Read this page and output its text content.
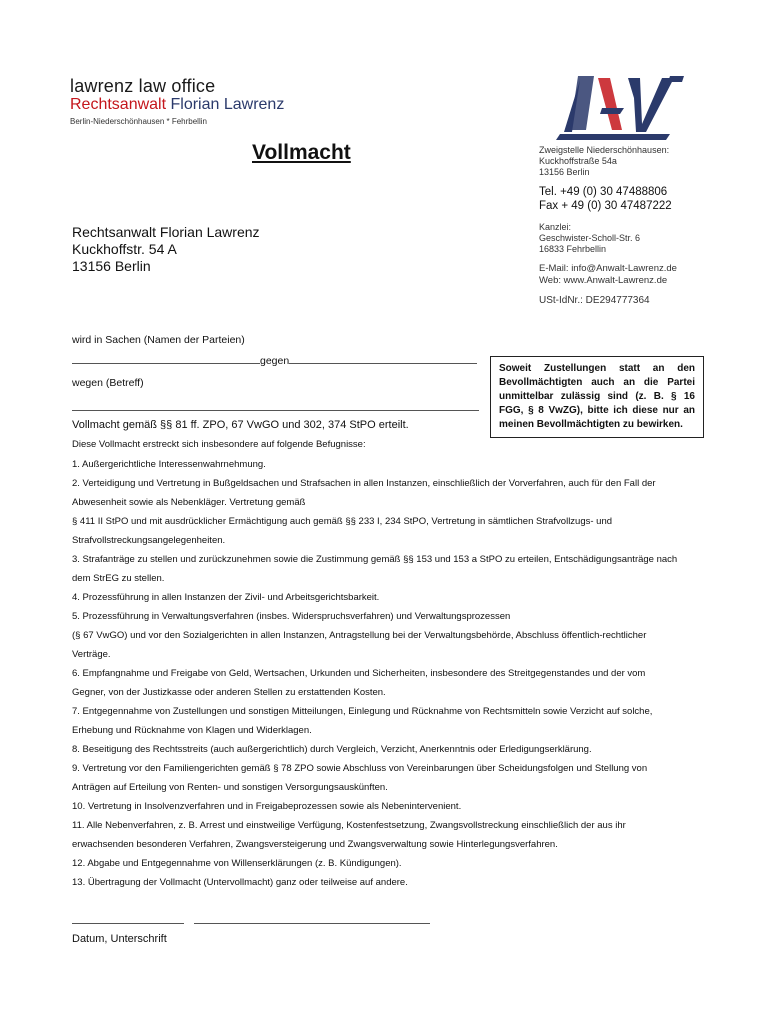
lawrenz law office
Rechtsanwalt Florian Lawrenz
Berlin-Niederschönhausen * Fehrbellin
Vollmacht	Zweigstelle Niederschönhausen:
Kuckhoffstraße 54a
13156 Berlin
Tel. +49 (0) 30 47488806
Fax + 49 (0) 30 47487222
Kanzlei:
Geschwister-Scholl-Str. 6
16833 Fehrbellin
E-Mail: info@Anwalt-Lawrenz.de
Web: www.Anwalt-Lawrenz.de
USt-IdNr.: DE294777364
Rechtsanwalt Florian Lawrenz
Kuckhoffstr. 54 A
13156 Berlin
wird in Sachen (Namen der Parteien)
gegen
wegen (Betreff)
Vollmacht gemäß §§ 81 ff. ZPO, 67 VwGO und 302, 374 StPO erteilt.
Diese Vollmacht erstreckt sich insbesondere auf folgende Befugnisse:
Soweit Zustellungen statt an den Bevollmächtigten auch an die Partei unmittelbar zulässig sind (z. B. § 16 FGG, § 8 VwZG), bitte ich diese nur an meinen Bevollmächtigten zu bewirken.
1. Außergerichtliche Interessenwahrnehmung.
2. Verteidigung und Vertretung in Bußgeldsachen und Strafsachen in allen Instanzen, einschließlich der Vorverfahren, auch für den Fall der
Abwesenheit sowie als Nebenkläger. Vertretung gemäß
§ 411 II StPO und mit ausdrücklicher Ermächtigung auch gemäß §§ 233 I, 234 StPO, Vertretung in sämtlichen Strafvollzugs- und
Strafvollstreckungsangelegenheiten.
3. Strafanträge zu stellen und zurückzunehmen sowie die Zustimmung gemäß §§ 153 und 153 a StPO zu erteilen, Entschädigungsanträge nach
dem StrEG zu stellen.
4. Prozessführung in allen Instanzen der Zivil- und Arbeitsgerichtsbarkeit.
5. Prozessführung in Verwaltungsverfahren (insbes. Widerspruchsverfahren) und Verwaltungsprozessen
(§ 67 VwGO) und vor den Sozialgerichten in allen Instanzen, Antragstellung bei der Verwaltungsbehörde, Abschluss öffentlich-rechtlicher
Verträge.
6. Empfangnahme und Freigabe von Geld, Wertsachen, Urkunden und Sicherheiten, insbesondere des Streitgegenstandes und der vom
Gegner, von der Justizkasse oder anderen Stellen zu erstattenden Kosten.
7. Entgegennahme von Zustellungen und sonstigen Mitteilungen, Einlegung und Rücknahme von Rechtsmitteln sowie Verzicht auf solche,
Erhebung und Rücknahme von Klagen und Widerklagen.
8. Beseitigung des Rechtsstreits (auch außergerichtlich) durch Vergleich, Verzicht, Anerkenntnis oder Erledigungserklärung.
9. Vertretung vor den Familiengerichten gemäß § 78 ZPO sowie Abschluss von Vereinbarungen über Scheidungsfolgen und Stellung von
Anträgen auf Erteilung von Renten- und sonstigen Versorgungsauskünften.
10. Vertretung in Insolvenzverfahren und in Freigabeprozessen sowie als Nebenintervenient.
11. Alle Nebenverfahren, z. B. Arrest und einstweilige Verfügung, Kostenfestsetzung, Zwangsvollstreckung einschließlich der aus ihr
erwachsenden besonderen Verfahren, Zwangsversteigerung und Zwangsverwaltung sowie Hinterlegungsverfahren.
12. Abgabe und Entgegennahme von Willenserklärungen (z. B. Kündigungen).
13. Übertragung der Vollmacht (Untervollmacht) ganz oder teilweise auf andere.
Datum, Unterschrift
